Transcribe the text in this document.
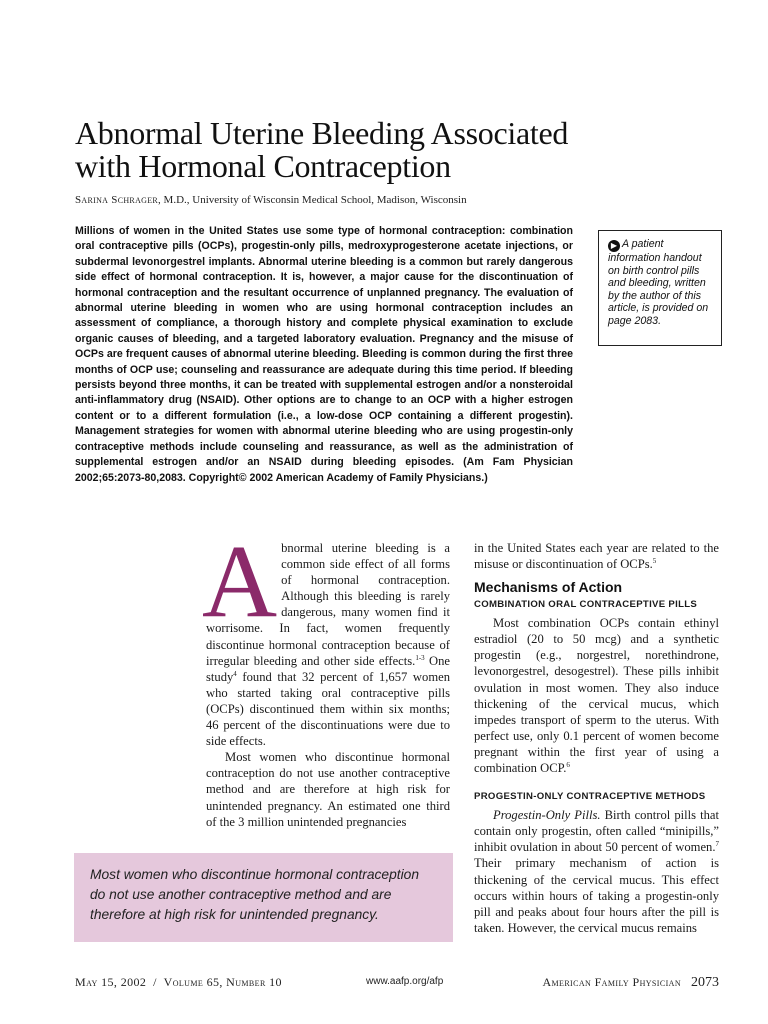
Abnormal Uterine Bleeding Associated
with Hormonal Contraception
Sarina Schrager, M.D., University of Wisconsin Medical School, Madison, Wisconsin

Millions of women in the United States use some type of hormonal contraception: combination oral contraceptive pills (OCPs), progestin-only pills, medroxyprogesterone acetate injections, or subdermal levonorgestrel implants. Abnormal uterine bleeding is a common but rarely dangerous side effect of hormonal contraception. It is, however, a major cause for the discontinuation of hormonal contraception and the resultant occurrence of unplanned pregnancy. The evaluation of abnormal uterine bleeding in women who are using hormonal contraception includes an assessment of compliance, a thorough history and complete physical examination to exclude organic causes of bleeding, and a targeted laboratory evaluation. Pregnancy and the misuse of OCPs are frequent causes of abnormal uterine bleeding. Bleeding is common during the first three months of OCP use; counseling and reassurance are adequate during this time period. If bleeding persists beyond three months, it can be treated with supplemental estrogen and/or a nonsteroidal anti-inflammatory drug (NSAID). Other options are to change to an OCP with a higher estrogen content or to a different formulation (i.e., a low-dose OCP containing a different progestin). Management strategies for women with abnormal uterine bleeding who are using progestin-only contraceptive methods include counseling and reassurance, as well as the administration of supplemental estrogen and/or an NSAID during bleeding episodes. (Am Fam Physician 2002;65:2073-80,2083. Copyright© 2002 American Academy of Family Physicians.)

▶ A patient information handout on birth control pills and bleeding, written by the author of this article, is provided on page 2083.

Abnormal uterine bleeding is a common side effect of all forms of hormonal contraception. Although this bleeding is rarely dangerous, many women find it worrisome. In fact, women frequently discontinue hormonal contraception because of irregular bleeding and other side effects.$^{1-3}$ One study$^4$ found that 32 percent of 1,657 women who started taking oral contraceptive pills (OCPs) discontinued them within six months; 46 percent of the discontinuations were due to side effects.

Most women who discontinue hormonal contraception do not use another contraceptive method and are therefore at high risk for unintended pregnancy. An estimated one third of the 3 million unintended pregnancies

in the United States each year are related to the misuse or discontinuation of OCPs.$^5$

Mechanisms of Action
COMBINATION ORAL CONTRACEPTIVE PILLS

Most combination OCPs contain ethinyl estradiol (20 to 50 mcg) and a synthetic progestin (e.g., norgestrel, norethindrone, levonorgestrel, desogestrel). These pills inhibit ovulation in most women. They also induce thickening of the cervical mucus, which impedes transport of sperm to the uterus. With perfect use, only 0.1 percent of women become pregnant within the first year of using a combination OCP.$^6$

PROGESTIN-ONLY CONTRACEPTIVE METHODS

Progestin-Only Pills. Birth control pills that contain only progestin, often called “minipills,” inhibit ovulation in about 50 percent of women.$^7$ Their primary mechanism of action is thickening of the cervical mucus. This effect occurs within hours of taking a progestin-only pill and peaks about four hours after the pill is taken. However, the cervical mucus remains

Most women who discontinue hormonal contraception do not use another contraceptive method and are therefore at high risk for unintended pregnancy.
May 15, 2002 / Volume 65, Number 10	www.aafp.org/afp	American Family Physician 2073
